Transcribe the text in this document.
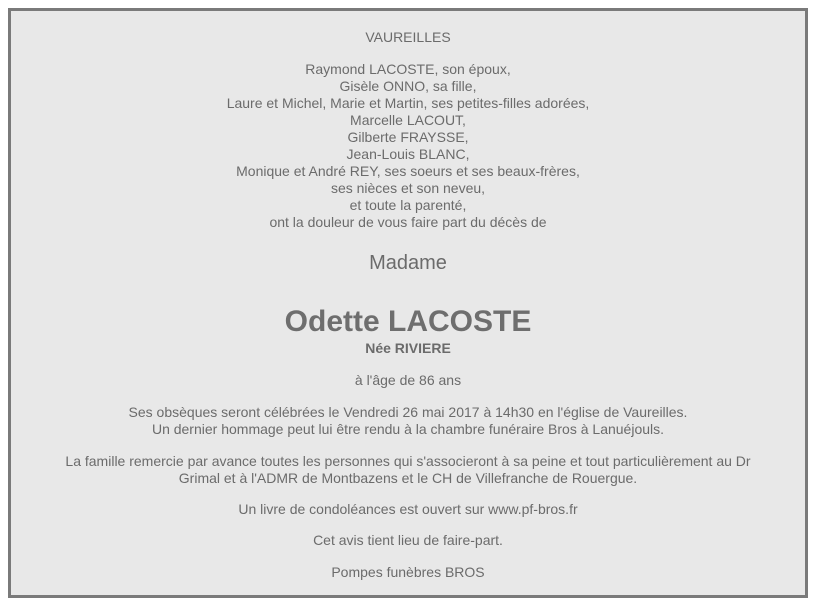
VAUREILLES
Raymond LACOSTE, son époux,
Gisèle ONNO, sa fille,
Laure et Michel, Marie et Martin, ses petites-filles adorées,
Marcelle LACOUT,
Gilberte FRAYSSE,
Jean-Louis BLANC,
Monique et André REY, ses soeurs et ses beaux-frères,
ses nièces et son neveu,
et toute la parenté,
ont la douleur de vous faire part du décès de
Madame
Odette LACOSTE
Née RIVIERE
à l'âge de 86 ans
Ses obsèques seront célébrées le Vendredi 26 mai 2017 à 14h30 en l'église de Vaureilles.
Un dernier hommage peut lui être rendu à la chambre funéraire Bros à Lanuéjouls.
La famille remercie par avance toutes les personnes qui s'associeront à sa peine et tout particulièrement au Dr
Grimal et à l'ADMR de Montbazens et le CH de Villefranche de Rouergue.
Un livre de condoléances est ouvert sur www.pf-bros.fr
Cet avis tient lieu de faire-part.
Pompes funèbres BROS
